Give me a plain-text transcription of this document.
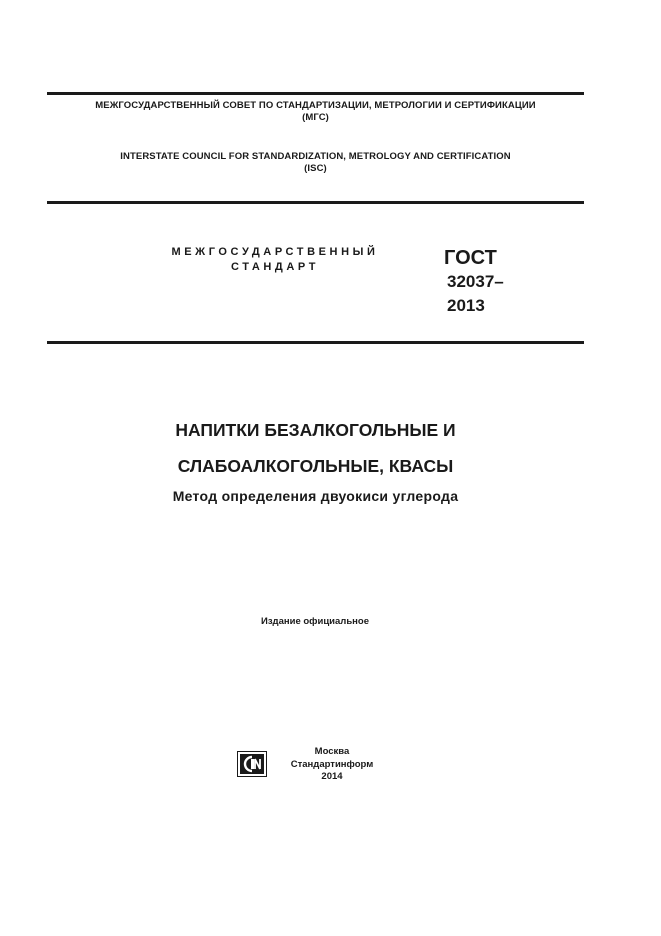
МЕЖГОСУДАРСТВЕННЫЙ СОВЕТ ПО СТАНДАРТИЗАЦИИ, МЕТРОЛОГИИ И СЕРТИФИКАЦИИ
(МГС)
INTERSTATE COUNCIL FOR STANDARDIZATION, METROLOGY AND CERTIFICATION
(ISC)
МЕЖГОСУДАРСТВЕННЫЙ
СТАНДАРТ	ГОСТ
32037–
2013
НАПИТКИ БЕЗАЛКОГОЛЬНЫЕ И
СЛАБОАЛКОГОЛЬНЫЕ, КВАСЫ
Метод определения двуокиси углерода
Издание официальное
Москва
Стандартинформ
2014
